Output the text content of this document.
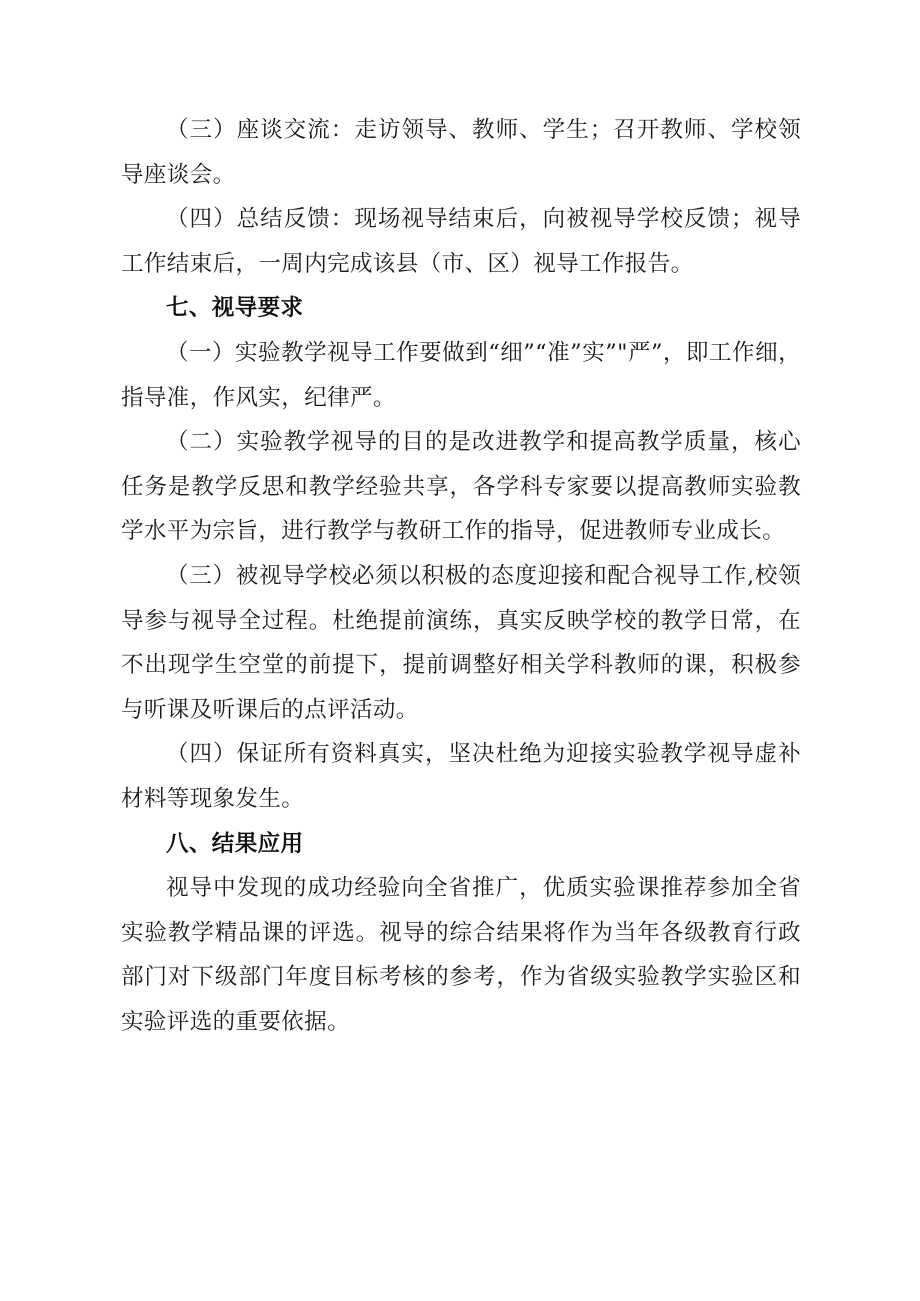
（三）座谈交流：走访领导、教师、学生；召开教师、学校领导座谈会。

（四）总结反馈：现场视导结束后，向被视导学校反馈；视导工作结束后，一周内完成该县（市、区）视导工作报告。

七、视导要求

（一）实验教学视导工作要做到“细”“准”实”"严”，即工作细，指导准，作风实，纪律严。

（二）实验教学视导的目的是改进教学和提高教学质量，核心任务是教学反思和教学经验共享，各学科专家要以提高教师实验教学水平为宗旨，进行教学与教研工作的指导，促进教师专业成长。

（三）被视导学校必须以积极的态度迎接和配合视导工作,校领导参与视导全过程。杜绝提前演练，真实反映学校的教学日常，在不出现学生空堂的前提下，提前调整好相关学科教师的课，积极参与听课及听课后的点评活动。

（四）保证所有资料真实，坚决杜绝为迎接实验教学视导虚补材料等现象发生。

八、结果应用

视导中发现的成功经验向全省推广，优质实验课推荐参加全省实验教学精品课的评选。视导的综合结果将作为当年各级教育行政部门对下级部门年度目标考核的参考，作为省级实验教学实验区和实验评选的重要依据。
